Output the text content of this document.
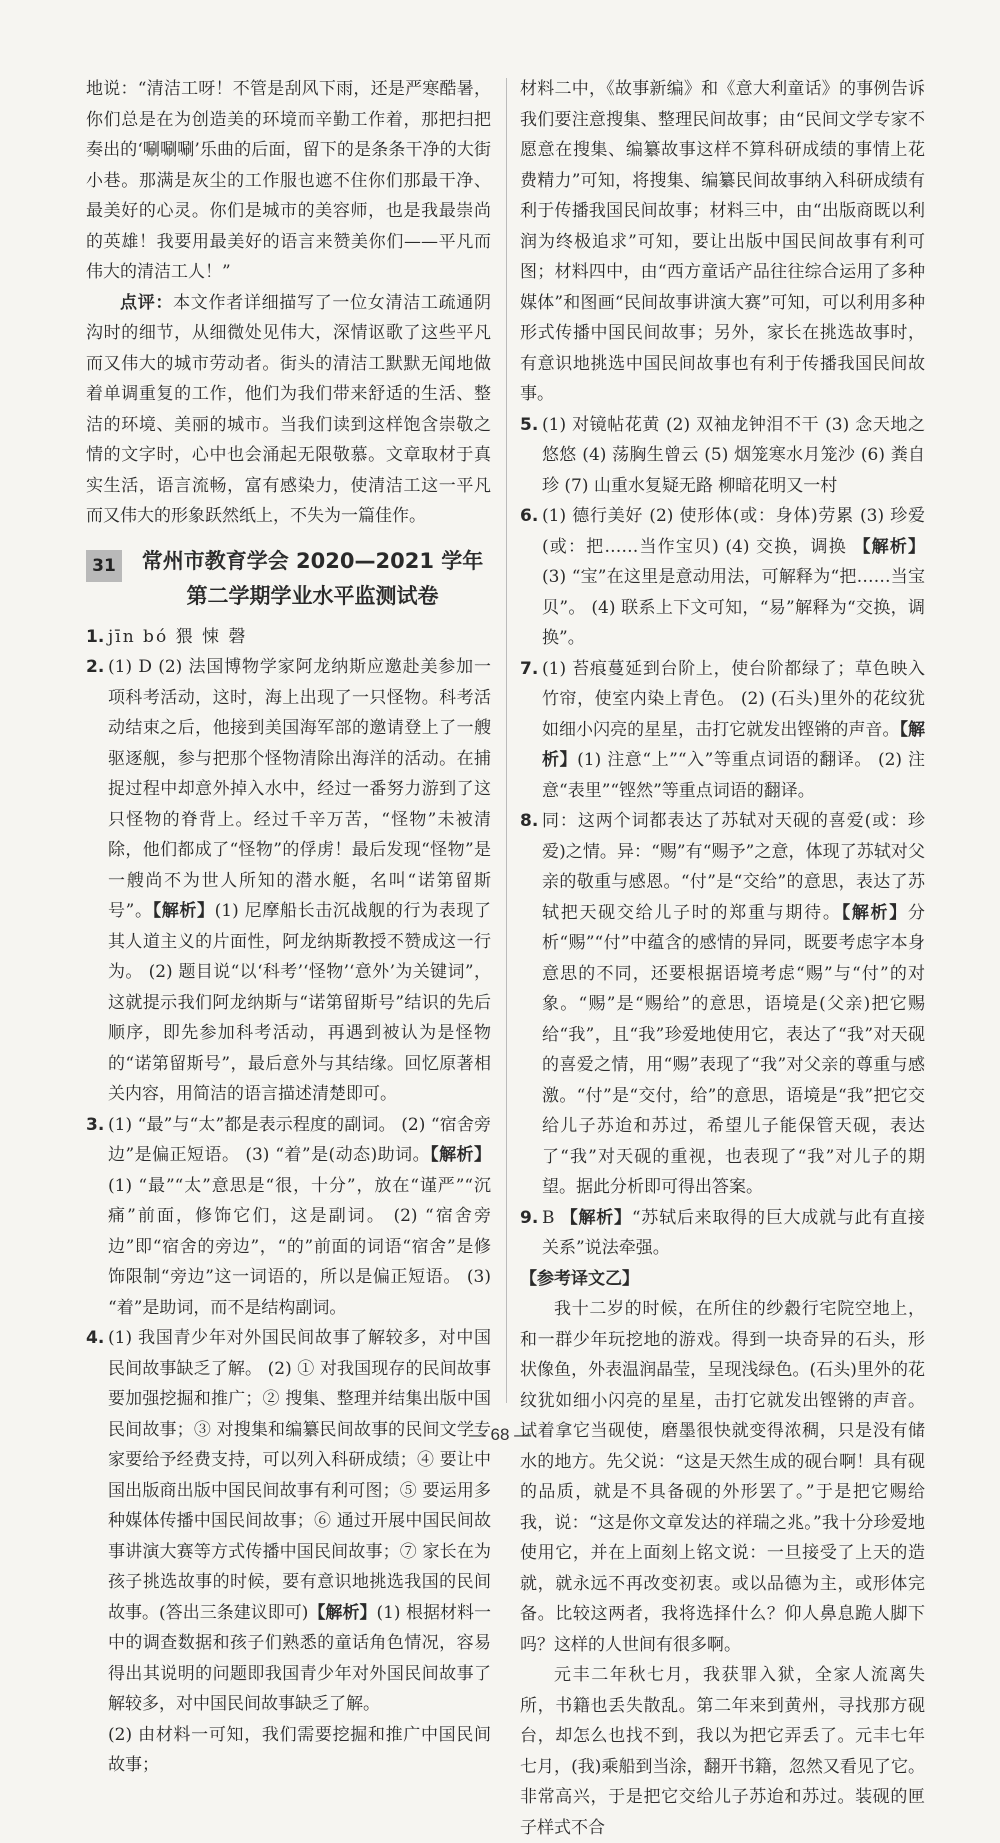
地说：“清洁工呀！不管是刮风下雨，还是严寒酷暑，你们总是在为创造美的环境而辛勤工作着，那把扫把奏出的‘唰唰唰’乐曲的后面，留下的是条条干净的大街小巷。那满是灰尘的工作服也遮不住你们那最干净、最美好的心灵。你们是城市的美容师，也是我最崇尚的英雄！我要用最美好的语言来赞美你们——平凡而伟大的清洁工人！”

点评：本文作者详细描写了一位女清洁工疏通阴沟时的细节，从细微处见伟大，深情讴歌了这些平凡而又伟大的城市劳动者。街头的清洁工默默无闻地做着单调重复的工作，他们为我们带来舒适的生活、整洁的环境、美丽的城市。当我们读到这样饱含崇敬之情的文字时，心中也会涌起无限敬慕。文章取材于真实生活，语言流畅，富有感染力，使清洁工这一平凡而又伟大的形象跃然纸上，不失为一篇佳作。

31	常州市教育学会 2020—2021 学年
第二学期学业水平监测试卷
1. jīn bó 猥 悚 磬
2. (1) D (2) 法国博物学家阿龙纳斯应邀赴美参加一项科考活动，这时，海上出现了一只怪物。科考活动结束之后，他接到美国海军部的邀请登上了一艘驱逐舰，参与把那个怪物清除出海洋的活动。在捕捉过程中却意外掉入水中，经过一番努力游到了这只怪物的脊背上。经过千辛万苦，“怪物”未被清除，他们都成了“怪物”的俘虏！最后发现“怪物”是一艘尚不为世人所知的潜水艇，名叫“诺第留斯号”。【解析】(1) 尼摩船长击沉战舰的行为表现了其人道主义的片面性，阿龙纳斯教授不赞成这一行为。 (2) 题目说“以‘科考’‘怪物’‘意外’为关键词”，这就提示我们阿龙纳斯与“诺第留斯号”结识的先后顺序，即先参加科考活动，再遇到被认为是怪物的“诺第留斯号”，最后意外与其结缘。回忆原著相关内容，用简洁的语言描述清楚即可。
3. (1) “最”与“太”都是表示程度的副词。 (2) “宿舍旁边”是偏正短语。 (3) “着”是(动态)助词。【解析】(1) “最”“太”意思是“很，十分”，放在“谨严”“沉痛”前面，修饰它们，这是副词。 (2) “宿舍旁边”即“宿舍的旁边”，“的”前面的词语“宿舍”是修饰限制“旁边”这一词语的，所以是偏正短语。 (3) “着”是助词，而不是结构副词。
4. (1) 我国青少年对外国民间故事了解较多，对中国民间故事缺乏了解。 (2) ① 对我国现存的民间故事要加强挖掘和推广；② 搜集、整理并结集出版中国民间故事；③ 对搜集和编纂民间故事的民间文学专家要给予经费支持，可以列入科研成绩；④ 要让中国出版商出版中国民间故事有利可图；⑤ 要运用多种媒体传播中国民间故事；⑥ 通过开展中国民间故事讲演大赛等方式传播中国民间故事；⑦ 家长在为孩子挑选故事的时候，要有意识地挑选我国的民间故事。(答出三条建议即可)【解析】(1) 根据材料一中的调查数据和孩子们熟悉的童话角色情况，容易得出其说明的问题即我国青少年对外国民间故事了解较多，对中国民间故事缺乏了解。

(2) 由材料一可知，我们需要挖掘和推广中国民间故事；

材料二中，《故事新编》和《意大利童话》的事例告诉我们要注意搜集、整理民间故事；由“民间文学专家不愿意在搜集、编纂故事这样不算科研成绩的事情上花费精力”可知，将搜集、编纂民间故事纳入科研成绩有利于传播我国民间故事；材料三中，由“出版商既以利润为终极追求”可知，要让出版中国民间故事有利可图；材料四中，由“西方童话产品往往综合运用了多种媒体”和图画“民间故事讲演大赛”可知，可以利用多种形式传播中国民间故事；另外，家长在挑选故事时，有意识地挑选中国民间故事也有利于传播我国民间故事。

5. (1) 对镜帖花黄 (2) 双袖龙钟泪不干 (3) 念天地之悠悠 (4) 荡胸生曾云 (5) 烟笼寒水月笼沙 (6) 粪自珍 (7) 山重水复疑无路 柳暗花明又一村
6. (1) 德行美好 (2) 使形体(或：身体)劳累 (3) 珍爱(或：把……当作宝贝) (4) 交换，调换 【解析】(3) “宝”在这里是意动用法，可解释为“把……当宝贝”。 (4) 联系上下文可知，“易”解释为“交换，调换”。
7. (1) 苔痕蔓延到台阶上，使台阶都绿了；草色映入竹帘，使室内染上青色。 (2) (石头)里外的花纹犹如细小闪亮的星星，击打它就发出铿锵的声音。【解析】(1) 注意“上”“入”等重点词语的翻译。 (2) 注意“表里”“铿然”等重点词语的翻译。
8. 同：这两个词都表达了苏轼对天砚的喜爱(或：珍爱)之情。异：“赐”有“赐予”之意，体现了苏轼对父亲的敬重与感恩。“付”是“交给”的意思，表达了苏轼把天砚交给儿子时的郑重与期待。【解析】分析“赐”“付”中蕴含的感情的异同，既要考虑字本身意思的不同，还要根据语境考虑“赐”与“付”的对象。“赐”是“赐给”的意思，语境是(父亲)把它赐给“我”，且“我”珍爱地使用它，表达了“我”对天砚的喜爱之情，用“赐”表现了“我”对父亲的尊重与感激。“付”是“交付，给”的意思，语境是“我”把它交给儿子苏迨和苏过，希望儿子能保管天砚，表达了“我”对天砚的重视，也表现了“我”对儿子的期望。据此分析即可得出答案。
9. B 【解析】“苏轼后来取得的巨大成就与此有直接关系”说法牵强。

【参考译文乙】

我十二岁的时候，在所住的纱縠行宅院空地上，和一群少年玩挖地的游戏。得到一块奇异的石头，形状像鱼，外表温润晶莹，呈现浅绿色。(石头)里外的花纹犹如细小闪亮的星星，击打它就发出铿锵的声音。试着拿它当砚使，磨墨很快就变得浓稠，只是没有储水的地方。先父说：“这是天然生成的砚台啊！具有砚的品质，就是不具备砚的外形罢了。”于是把它赐给我，说：“这是你文章发达的祥瑞之兆。”我十分珍爱地使用它，并在上面刻上铭文说：一旦接受了上天的造就，就永远不再改变初衷。或以品德为主，或形体完备。比较这两者，我将选择什么？仰人鼻息跪人脚下吗？这样的人世间有很多啊。

元丰二年秋七月，我获罪入狱，全家人流离失所，书籍也丢失散乱。第二年来到黄州，寻找那方砚台，却怎么也找不到，我以为把它弄丢了。元丰七年七月，(我)乘船到当涂，翻开书籍，忽然又看见了它。非常高兴，于是把它交给儿子苏迨和苏过。装砚的匣子样式不合

— 68 —
